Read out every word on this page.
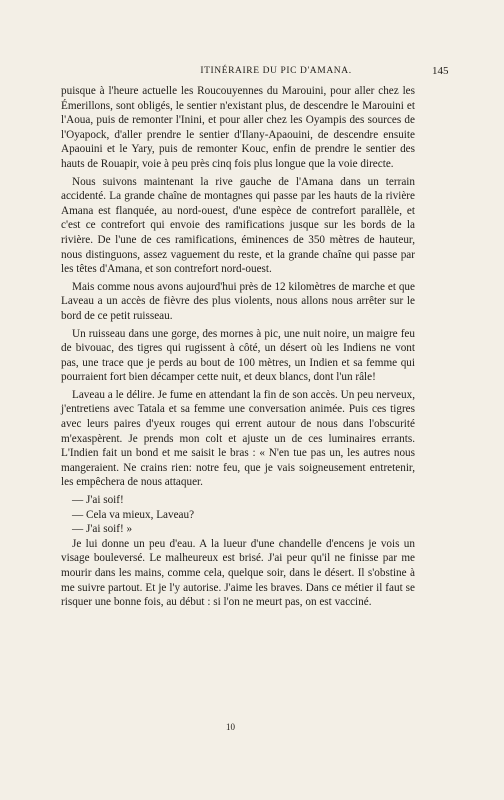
ITINÉRAIRE DU PIC D'AMANA.	145

puisque à l'heure actuelle les Roucouyennes du Marouini, pour aller chez les Émerillons, sont obligés, le sentier n'existant plus, de descendre le Marouini et l'Aoua, puis de remonter l'Inini, et pour aller chez les Oyampis des sources de l'Oyapock, d'aller prendre le sentier d'Ilany-Apaouini, de descendre ensuite Apaouini et le Yary, puis de remonter Kouc, enfin de prendre le sentier des hauts de Rouapir, voie à peu près cinq fois plus longue que la voie directe.

Nous suivons maintenant la rive gauche de l'Amana dans un terrain accidenté. La grande chaîne de montagnes qui passe par les hauts de la rivière Amana est flanquée, au nord-ouest, d'une espèce de contrefort parallèle, et c'est ce contrefort qui envoie des ramifications jusque sur les bords de la rivière. De l'une de ces ramifications, éminences de 350 mètres de hauteur, nous distinguons, assez vaguement du reste, et la grande chaîne qui passe par les têtes d'Amana, et son contrefort nord-ouest.

Mais comme nous avons aujourd'hui près de 12 kilomètres de marche et que Laveau a un accès de fièvre des plus violents, nous allons nous arrêter sur le bord de ce petit ruisseau.

Un ruisseau dans une gorge, des mornes à pic, une nuit noire, un maigre feu de bivouac, des tigres qui rugissent à côté, un désert où les Indiens ne vont pas, une trace que je perds au bout de 100 mètres, un Indien et sa femme qui pourraient fort bien décamper cette nuit, et deux blancs, dont l'un râle!

Laveau a le délire. Je fume en attendant la fin de son accès. Un peu nerveux, j'entretiens avec Tatala et sa femme une conversation animée. Puis ces tigres avec leurs paires d'yeux rouges qui errent autour de nous dans l'obscurité m'exaspèrent. Je prends mon colt et ajuste un de ces luminaires errants. L'Indien fait un bond et me saisit le bras : « N'en tue pas un, les autres nous mangeraient. Ne crains rien: notre feu, que je vais soigneusement entretenir, les empêchera de nous attaquer.

— J'ai soif!

— Cela va mieux, Laveau?

— J'ai soif! »

Je lui donne un peu d'eau. A la lueur d'une chandelle d'encens je vois un visage bouleversé. Le malheureux est brisé. J'ai peur qu'il ne finisse par me mourir dans les mains, comme cela, quelque soir, dans le désert. Il s'obstine à me suivre partout. Et je l'y autorise. J'aime les braves. Dans ce métier il faut se risquer une bonne fois, au début : si l'on ne meurt pas, on est vacciné.

10
